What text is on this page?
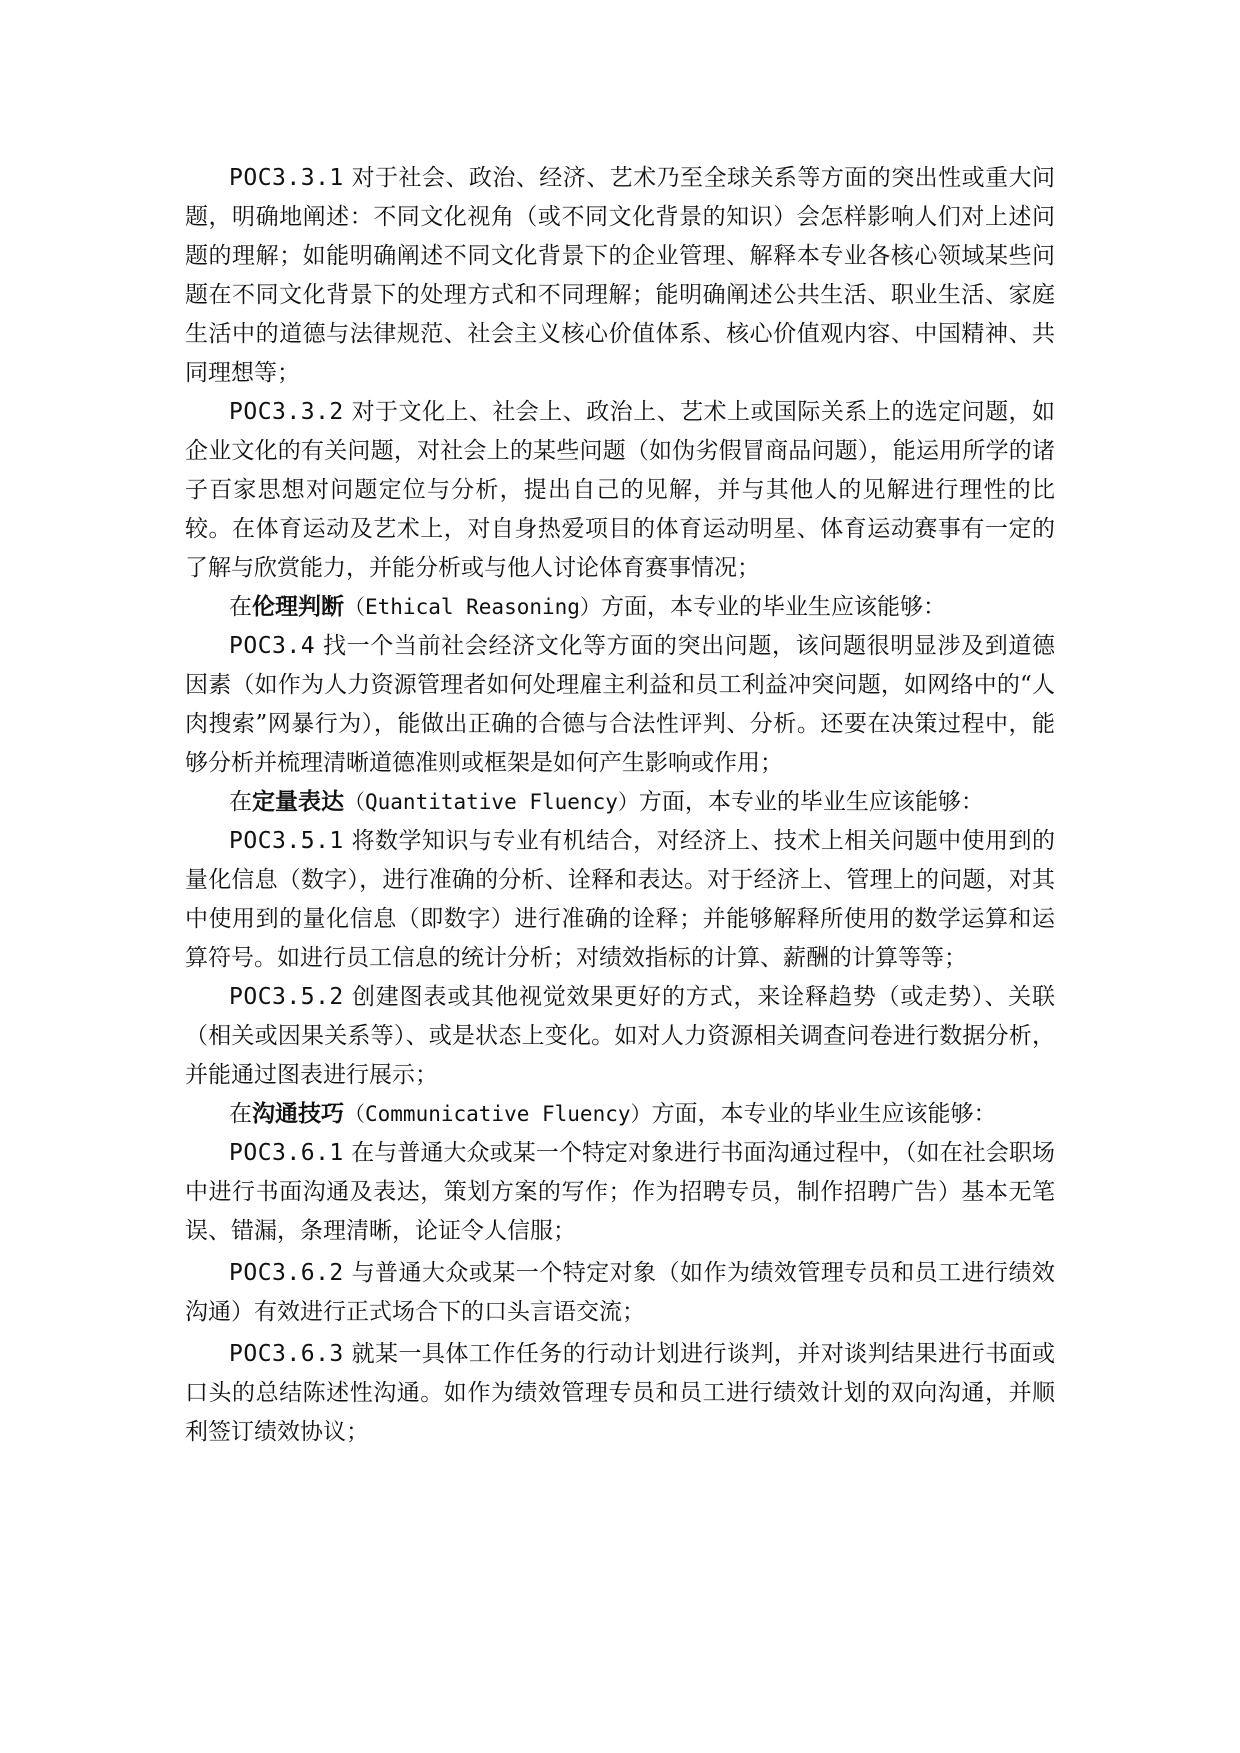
POC3.3.1 对于社会、政治、经济、艺术乃至全球关系等方面的突出性或重大问题，明确地阐述：不同文化视角（或不同文化背景的知识）会怎样影响人们对上述问题的理解；如能明确阐述不同文化背景下的企业管理、解释本专业各核心领域某些问题在不同文化背景下的处理方式和不同理解；能明确阐述公共生活、职业生活、家庭生活中的道德与法律规范、社会主义核心价值体系、核心价值观内容、中国精神、共同理想等；

POC3.3.2 对于文化上、社会上、政治上、艺术上或国际关系上的选定问题，如企业文化的有关问题，对社会上的某些问题（如伪劣假冒商品问题），能运用所学的诸子百家思想对问题定位与分析，提出自己的见解，并与其他人的见解进行理性的比较。在体育运动及艺术上，对自身热爱项目的体育运动明星、体育运动赛事有一定的了解与欣赏能力，并能分析或与他人讨论体育赛事情况；

在伦理判断（Ethical Reasoning）方面，本专业的毕业生应该能够：

POC3.4 找一个当前社会经济文化等方面的突出问题，该问题很明显涉及到道德因素（如作为人力资源管理者如何处理雇主利益和员工利益冲突问题，如网络中的“人肉搜索”网暴行为），能做出正确的合德与合法性评判、分析。还要在决策过程中，能够分析并梳理清晰道德准则或框架是如何产生影响或作用；

在定量表达（Quantitative Fluency）方面，本专业的毕业生应该能够：

POC3.5.1 将数学知识与专业有机结合，对经济上、技术上相关问题中使用到的量化信息（数字），进行准确的分析、诠释和表达。对于经济上、管理上的问题，对其中使用到的量化信息（即数字）进行准确的诠释；并能够解释所使用的数学运算和运算符号。如进行员工信息的统计分析；对绩效指标的计算、薪酬的计算等等；

POC3.5.2 创建图表或其他视觉效果更好的方式，来诠释趋势（或走势）、关联（相关或因果关系等）、或是状态上变化。如对人力资源相关调查问卷进行数据分析，并能通过图表进行展示；

在沟通技巧（Communicative Fluency）方面，本专业的毕业生应该能够：

POC3.6.1 在与普通大众或某一个特定对象进行书面沟通过程中，（如在社会职场中进行书面沟通及表达，策划方案的写作；作为招聘专员，制作招聘广告）基本无笔误、错漏，条理清晰，论证令人信服；

POC3.6.2 与普通大众或某一个特定对象（如作为绩效管理专员和员工进行绩效沟通）有效进行正式场合下的口头言语交流；

POC3.6.3 就某一具体工作任务的行动计划进行谈判，并对谈判结果进行书面或口头的总结陈述性沟通。如作为绩效管理专员和员工进行绩效计划的双向沟通，并顺利签订绩效协议；
